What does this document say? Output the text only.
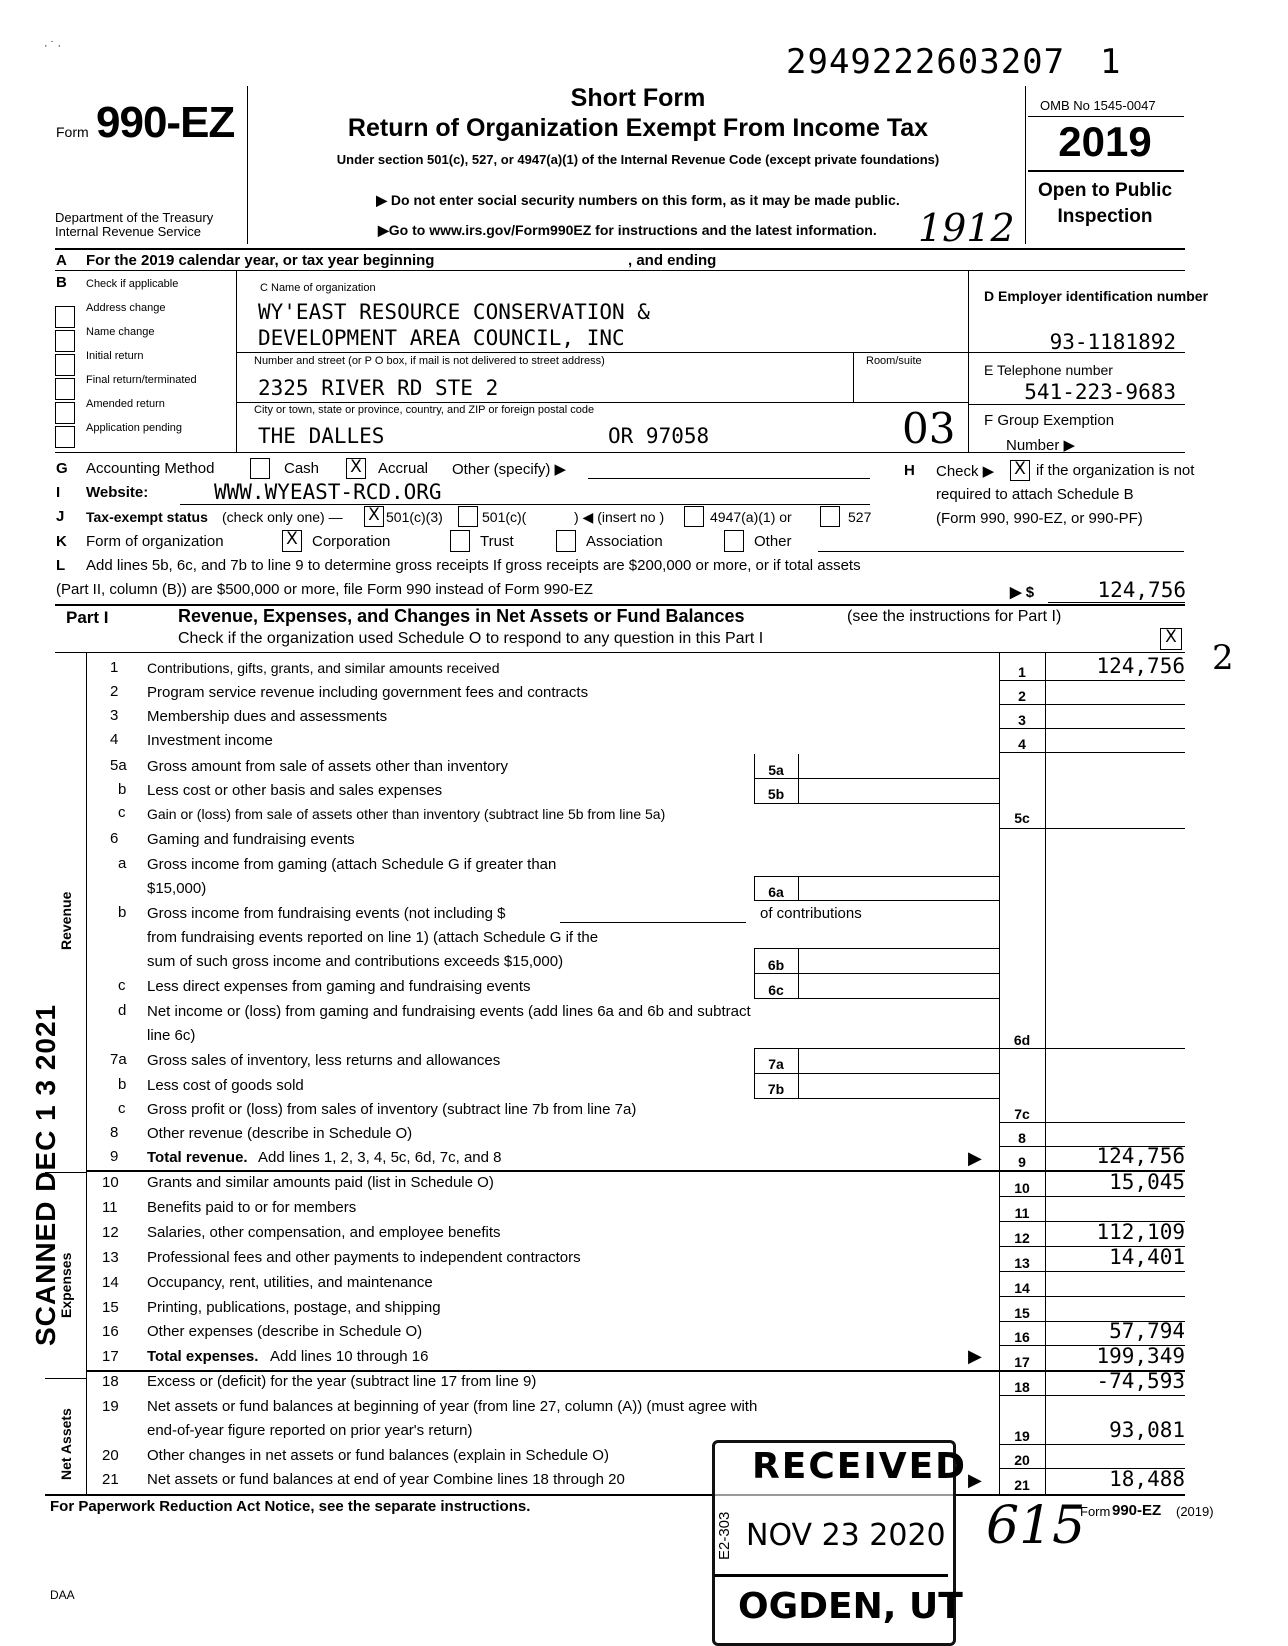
· ˙ ·	2949222603207 1
Form 990-EZ
Department of the Treasury
Internal Revenue Service
Short Form
Return of Organization Exempt From Income Tax
Under section 501(c), 527, or 4947(a)(1) of the Internal Revenue Code (except private foundations)
▶ Do not enter social security numbers on this form, as it may be made public.
▶Go to www.irs.gov/Form990EZ for instructions and the latest information. 1912
OMB No 1545-0047
2019
Open to Public
Inspection
A For the 2019 calendar year, or tax year beginning	, and ending
B Check if applicable
Address change
Name change
Initial return
Final return/terminated
Amended return
Application pending
C Name of organization
WY'EAST RESOURCE CONSERVATION &
DEVELOPMENT AREA COUNCIL, INC
Number and street (or P O box, if mail is not delivered to street address)	Room/suite
2325 RIVER RD STE 2
City or town, state or province, country, and ZIP or foreign postal code
THE DALLES	OR 97058	03
D Employer identification number
93-1181892
E Telephone number
541-223-9683
F Group Exemption
Number ▶
G Accounting Method	Cash X Accrual Other (specify) ▶	H Check ▶ X if the organization is not
required to attach Schedule B
(Form 990, 990-EZ, or 990-PF)
I Website:	WWW.WYEAST-RCD.ORG
J Tax-exempt status (check only one) — X 501(c)(3)	501(c)(	) ◀ (insert no )	4947(a)(1) or	527
K Form of organization	X Corporation	Trust	Association	Other
L Add lines 5b, 6c, and 7b to line 9 to determine gross receipts If gross receipts are $200,000 or more, or if total assets
(Part II, column (B)) are $500,000 or more, file Form 990 instead of Form 990-EZ	▶ $	124,756
Part I	Revenue, Expenses, and Changes in Net Assets or Fund Balances	(see the instructions for Part I)
Check if the organization used Schedule O to respond to any question in this Part I	X
2
Revenue
Expenses
Net Assets
SCANNED DEC 1 3 2021
1 Contributions, gifts, grants, and similar amounts received	1	124,756
2 Program service revenue including government fees and contracts	2
3 Membership dues and assessments	3
4 Investment income	4
5a Gross amount from sale of assets other than inventory	5a
b Less cost or other basis and sales expenses	5b
c Gain or (loss) from sale of assets other than inventory (subtract line 5b from line 5a)	5c
6 Gaming and fundraising events
a Gross income from gaming (attach Schedule G if greater than
$15,000)	6a
b Gross income from fundraising events (not including $	of contributions
from fundraising events reported on line 1) (attach Schedule G if the
sum of such gross income and contributions exceeds $15,000)	6b
c Less direct expenses from gaming and fundraising events	6c
d Net income or (loss) from gaming and fundraising events (add lines 6a and 6b and subtract
line 6c)	6d
7a Gross sales of inventory, less returns and allowances	7a
b Less cost of goods sold	7b
c Gross profit or (loss) from sales of inventory (subtract line 7b from line 7a)	7c
8 Other revenue (describe in Schedule O)	8
9 Total revenue. Add lines 1, 2, 3, 4, 5c, 6d, 7c, and 8	▶	9	124,756
10 Grants and similar amounts paid (list in Schedule O)	10	15,045
11 Benefits paid to or for members	11
12 Salaries, other compensation, and employee benefits	12	112,109
13 Professional fees and other payments to independent contractors	13	14,401
14 Occupancy, rent, utilities, and maintenance	14
15 Printing, publications, postage, and shipping	15
16 Other expenses (describe in Schedule O)	16	57,794
17 Total expenses. Add lines 10 through 16	▶	17	199,349
18 Excess or (deficit) for the year (subtract line 17 from line 9)	18	-74,593
19 Net assets or fund balances at beginning of year (from line 27, column (A)) (must agree with
end-of-year figure reported on prior year's return)	19	93,081
20 Other changes in net assets or fund balances (explain in Schedule O)	20
21 Net assets or fund balances at end of year Combine lines 18 through 20	▶	21	18,488
For Paperwork Reduction Act Notice, see the separate instructions.	Form 990-EZ (2019)
DAA
615
RECEIVED
NOV 23 2020
OGDEN, UT
E2-303
